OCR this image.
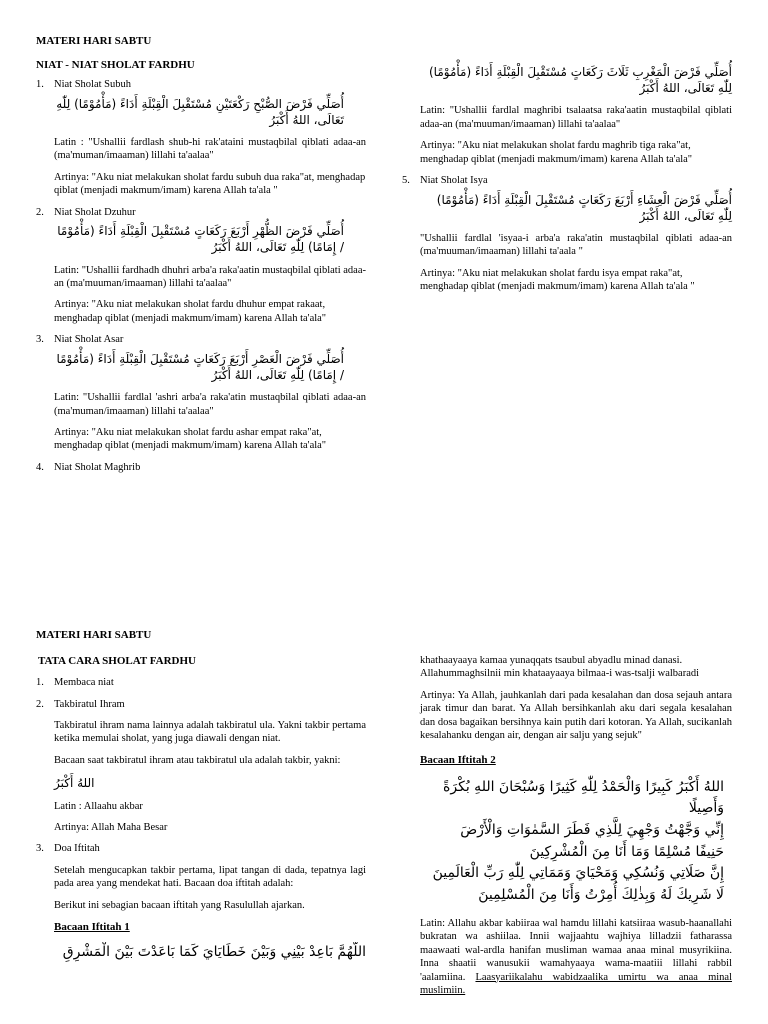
MATERI HARI SABTU

NIAT - NIAT SHOLAT FARDHU

1. Niat Sholat Subuh
أُصَلِّي فَرْضَ الصُّبْحِ رَكْعَتَيْنِ مُسْتَقْبِلَ الْقِبْلَةِ أَدَاءً (مَأْمُوْمًا) لِلّٰهِ تَعَالَى، اللهُ أَكْبَرُ
Latin : "Ushallii fardlash shub-hi rak'ataini mustaqbilal qiblati adaa-an (ma'muman/imaaman) lillahi ta'aalaa"
Artinya: "Aku niat melakukan sholat fardu subuh dua raka"at, menghadap qiblat (menjadi makmum/imam) karena Allah ta'ala "
2. Niat Sholat Dzuhur
أُصَلِّي فَرْضَ الظُّهْرِ أَرْبَعَ رَكَعَاتٍ مُسْتَقْبِلَ الْقِبْلَةِ أَدَاءً (مَأْمُوْمًا / إِمَامًا) لِلّٰهِ تَعَالَى، اللهُ أَكْبَرُ
Latin: "Ushallii fardhadh dhuhri arba'a raka'aatin mustaqbilal qiblati adaa-an (ma'muuman/imaaman) lillahi ta'aalaa"
Artinya: "Aku niat melakukan sholat fardu dhuhur empat rakaat, menghadap qiblat (menjadi makmum/imam) karena Allah ta'ala"
3. Niat Sholat Asar
أُصَلِّي فَرْضَ الْعَصْرِ أَرْبَعَ رَكَعَاتٍ مُسْتَقْبِلَ الْقِبْلَةِ أَدَاءً (مَأْمُوْمًا / إِمَامًا) لِلّٰهِ تَعَالَى، اللهُ أَكْبَرُ
Latin: "Ushallii fardlal 'ashri arba'a raka'atin mustaqbilal qiblati adaa-an (ma'muman/imaaman) lillahi ta'aalaa"
Artinya: "Aku niat melakukan sholat fardu ashar empat raka"at, menghadap qiblat (menjadi makmum/imam) karena Allah ta'ala"
4. Niat Sholat Maghrib
أُصَلِّي فَرْضَ الْمَغْرِبِ ثَلَاثَ رَكَعَاتٍ مُسْتَقْبِلَ الْقِبْلَةِ أَدَاءً (مَأْمُوْمًا) لِلّٰهِ تَعَالَى، اللهُ أَكْبَرُ
Latin: "Ushallii fardlal maghribi tsalaatsa raka'aatin mustaqbilal qiblati adaa-an (ma'muuman/imaaman) lillahi ta'aalaa"
Artinya: "Aku niat melakukan sholat fardu maghrib tiga raka"at, menghadap qiblat (menjadi makmum/imam) karena Allah ta'ala"
5. Niat Sholat Isya
أُصَلِّي فَرْضَ الْعِشَاءِ أَرْبَعَ رَكَعَاتٍ مُسْتَقْبِلَ الْقِبْلَةِ أَدَاءً (مَأْمُوْمًا) لِلّٰهِ تَعَالَى، اللهُ أَكْبَرُ
"Ushallii fardlal 'isyaa-i arba'a raka'atin mustaqbilal qiblati adaa-an (ma'muuman/imaaman) lillahi ta'aala "
Artinya: "Aku niat melakukan sholat fardu isya empat raka"at, menghadap qiblat (menjadi makmum/imam) karena Allah ta'ala "

MATERI HARI SABTU

TATA CARA SHOLAT FARDHU

1. Membaca niat
2. Takbiratul Ihram
Takbiratul ihram nama lainnya adalah takbiratul ula. Yakni takbir pertama ketika memulai sholat, yang juga diawali dengan niat.
Bacaan saat takbiratul ihram atau takbiratul ula adalah takbir, yakni:
اللهُ أَكْبَرُ
Latin : Allaahu akbar
Artinya: Allah Maha Besar
3. Doa Iftitah
Setelah mengucapkan takbir pertama, lipat tangan di dada, tepatnya lagi pada area yang mendekat hati. Bacaan doa iftitah adalah:
Berikut ini sebagian bacaan iftitah yang Rasulullah ajarkan.
Bacaan Iftitah 1
اللَّهُمَّ بَاعِدْ بَيْنِي وَبَيْنَ خَطَايَايَ كَمَا بَاعَدْتَ بَيْنَ الْمَشْرِقِ
khathaayaaya kamaa yunaqqats tsaubul abyadlu minad danasi. Allahummaghsilnii min khataayaaya bilmaa-i was-tsalji walbaradi
Artinya: Ya Allah, jauhkanlah dari pada kesalahan dan dosa sejauh antara jarak timur dan barat. Ya Allah bersihkanlah aku dari segala kesalahan dan dosa bagaikan bersihnya kain putih dari kotoran. Ya Allah, sucikanlah kesalahanku dengan air, dengan air salju yang sejuk"
Bacaan Iftitah 2
اللهُ أَكْبَرُ كَبِيرًا وَالْحَمْدُ لِلّٰهِ كَثِيرًا وَسُبْحَانَ اللهِ بُكْرَةً وَأَصِيلًا
إِنِّي وَجَّهْتُ وَجْهِيَ لِلَّذِي فَطَرَ السَّمٰوَاتِ وَالْأَرْضَ
حَنِيفًا مُسْلِمًا وَمَا أَنَا مِنَ الْمُشْرِكِينَ
إِنَّ صَلَاتِي وَنُسُكِي وَمَحْيَايَ وَمَمَاتِي لِلّٰهِ رَبِّ الْعَالَمِينَ
لَا شَرِيكَ لَهُ وَبِذٰلِكَ أُمِرْتُ وَأَنَا مِنَ الْمُسْلِمِينَ
Latin: Allahu akbar kabiiraa wal hamdu lillahi katsiiraa wasub-haanallahi bukratan wa ashiilaa. Innii wajjaahtu wajhiya lilladzii fatharassa maawaati wal-ardla hanifan musliman wamaa anaa minal musyrikiina. Inna shaatii wanusukii wamahyaaya wama-maatiii lillahi rabbil 'aalamiina. Laasyariikalahu wabidzaalika umirtu wa anaa minal muslimiin.
